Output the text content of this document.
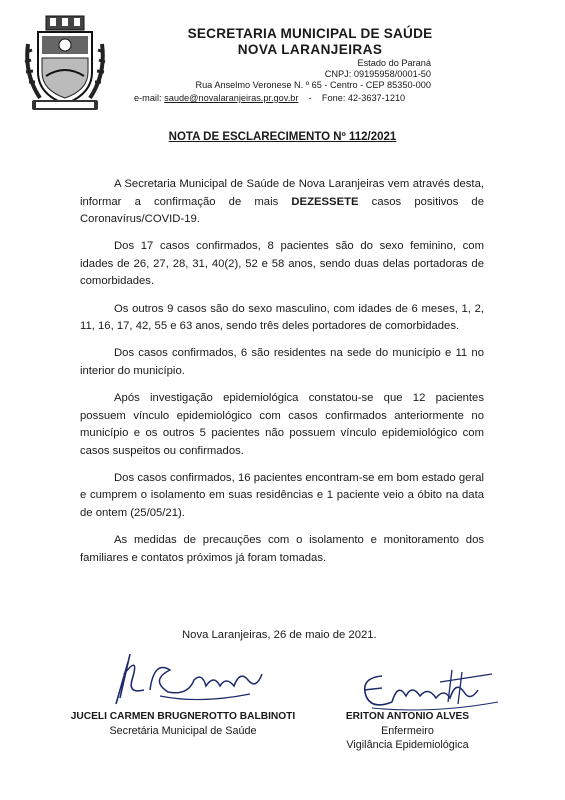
SECRETARIA MUNICIPAL DE SAÚDE
NOVA LARANJEIRAS
Estado do Paraná
CNPJ: 09195958/0001-50
Rua Anselmo Veronese N. º 65 - Centro - CEP 85350-000
e-mail: saude@novalaranjeiras.pr.gov.br    -    Fone: 42-3637-1210
NOTA DE ESCLARECIMENTO Nº 112/2021

A Secretaria Municipal de Saúde de Nova Laranjeiras vem através desta, informar a confirmação de mais DEZESSETE casos positivos de Coronavírus/COVID-19.

Dos 17 casos confirmados, 8 pacientes são do sexo feminino, com idades de 26, 27, 28, 31, 40(2), 52 e 58 anos, sendo duas delas portadoras de comorbidades.

Os outros 9 casos são do sexo masculino, com idades de 6 meses, 1, 2, 11, 16, 17, 42, 55 e 63 anos, sendo três deles portadores de comorbidades.

Dos casos confirmados, 6 são residentes na sede do município e 11 no interior do município.

Após investigação epidemiológica constatou-se que 12 pacientes possuem vínculo epidemiológico com casos confirmados anteriormente no município e os outros 5 pacientes não possuem vínculo epidemiológico com casos suspeitos ou confirmados.

Dos casos confirmados, 16 pacientes encontram-se em bom estado geral e cumprem o isolamento em suas residências e 1 paciente veio a óbito na data de ontem (25/05/21).

As medidas de precauções com o isolamento e monitoramento dos familiares e contatos próximos já foram tomadas.

Nova Laranjeiras, 26 de maio de 2021.
JUCELI CARMEN BRUGNEROTTO BALBINOTI
Secretária Municipal de Saúde
ERITON ANTONIO ALVES
Enfermeiro
Vigilância Epidemiológica
